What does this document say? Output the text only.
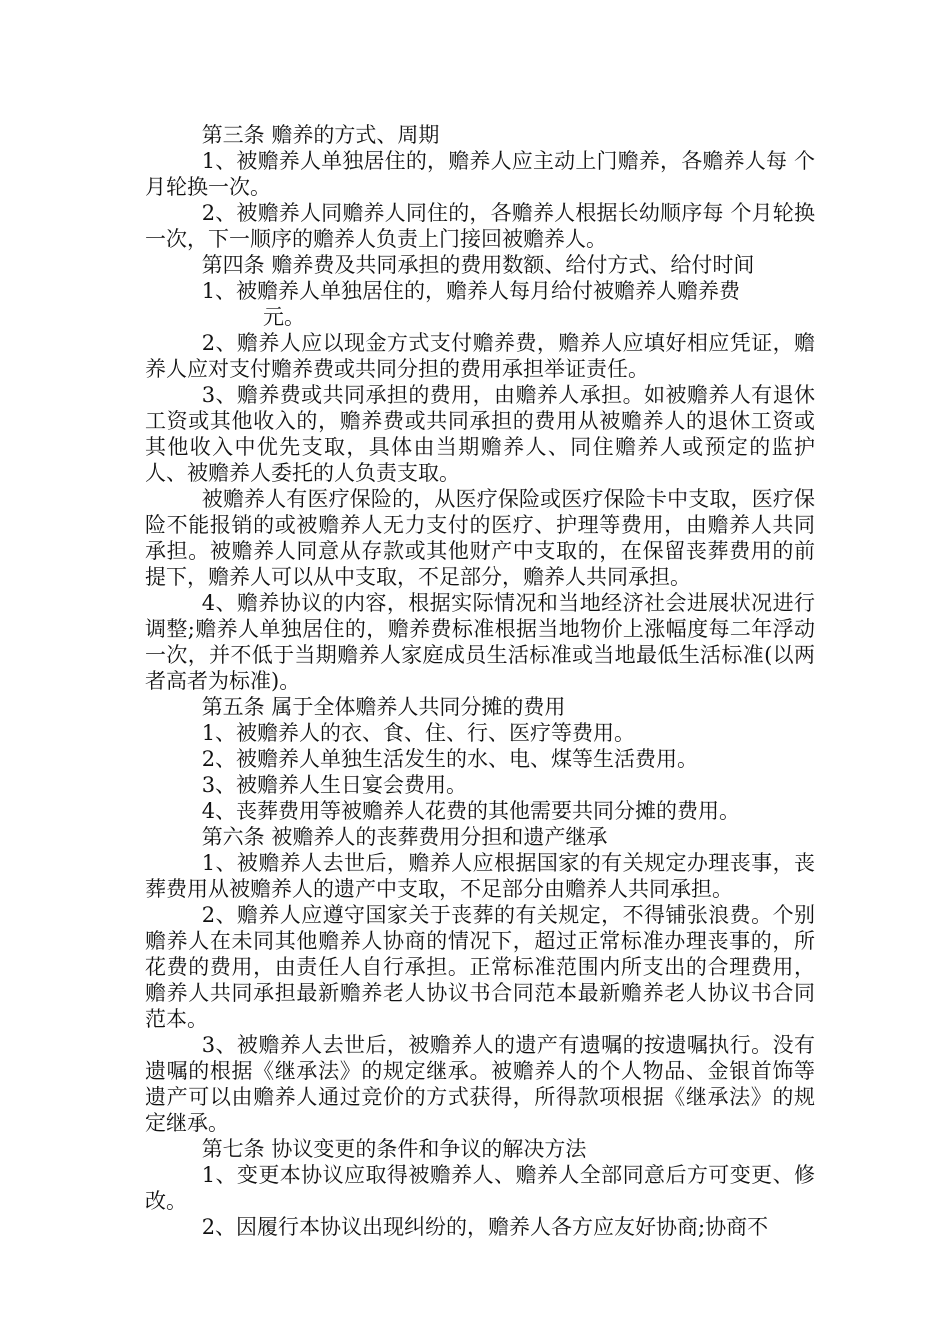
第三条 赡养的方式、周期

1、被赡养人单独居住的，赡养人应主动上门赡养，各赡养人每 个月轮换一次。

2、被赡养人同赡养人同住的，各赡养人根据长幼顺序每 个月轮换一次，下一顺序的赡养人负责上门接回被赡养人。

第四条 赡养费及共同承担的费用数额、给付方式、给付时间

1、被赡养人单独居住的，赡养人每月给付被赡养人赡养费

元。

2、赡养人应以现金方式支付赡养费，赡养人应填好相应凭证，赡养人应对支付赡养费或共同分担的费用承担举证责任。

3、赡养费或共同承担的费用，由赡养人承担。如被赡养人有退休工资或其他收入的，赡养费或共同承担的费用从被赡养人的退休工资或其他收入中优先支取，具体由当期赡养人、同住赡养人或预定的监护人、被赡养人委托的人负责支取。

被赡养人有医疗保险的，从医疗保险或医疗保险卡中支取，医疗保险不能报销的或被赡养人无力支付的医疗、护理等费用，由赡养人共同承担。被赡养人同意从存款或其他财产中支取的，在保留丧葬费用的前提下，赡养人可以从中支取，不足部分，赡养人共同承担。

4、赡养协议的内容，根据实际情况和当地经济社会进展状况进行调整;赡养人单独居住的，赡养费标准根据当地物价上涨幅度每二年浮动一次，并不低于当期赡养人家庭成员生活标准或当地最低生活标准(以两者高者为标准)。

第五条 属于全体赡养人共同分摊的费用

1、被赡养人的衣、食、住、行、医疗等费用。

2、被赡养人单独生活发生的水、电、煤等生活费用。

3、被赡养人生日宴会费用。

4、丧葬费用等被赡养人花费的其他需要共同分摊的费用。

第六条 被赡养人的丧葬费用分担和遗产继承

1、被赡养人去世后，赡养人应根据国家的有关规定办理丧事，丧葬费用从被赡养人的遗产中支取，不足部分由赡养人共同承担。

2、赡养人应遵守国家关于丧葬的有关规定，不得铺张浪费。个别赡养人在未同其他赡养人协商的情况下，超过正常标准办理丧事的，所花费的费用，由责任人自行承担。正常标准范围内所支出的合理费用，赡养人共同承担最新赡养老人协议书合同范本最新赡养老人协议书合同范本。

3、被赡养人去世后，被赡养人的遗产有遗嘱的按遗嘱执行。没有遗嘱的根据《继承法》的规定继承。被赡养人的个人物品、金银首饰等遗产可以由赡养人通过竞价的方式获得，所得款项根据《继承法》的规定继承。

第七条 协议变更的条件和争议的解决方法

1、变更本协议应取得被赡养人、赡养人全部同意后方可变更、修改。

2、因履行本协议出现纠纷的，赡养人各方应友好协商;协商不
